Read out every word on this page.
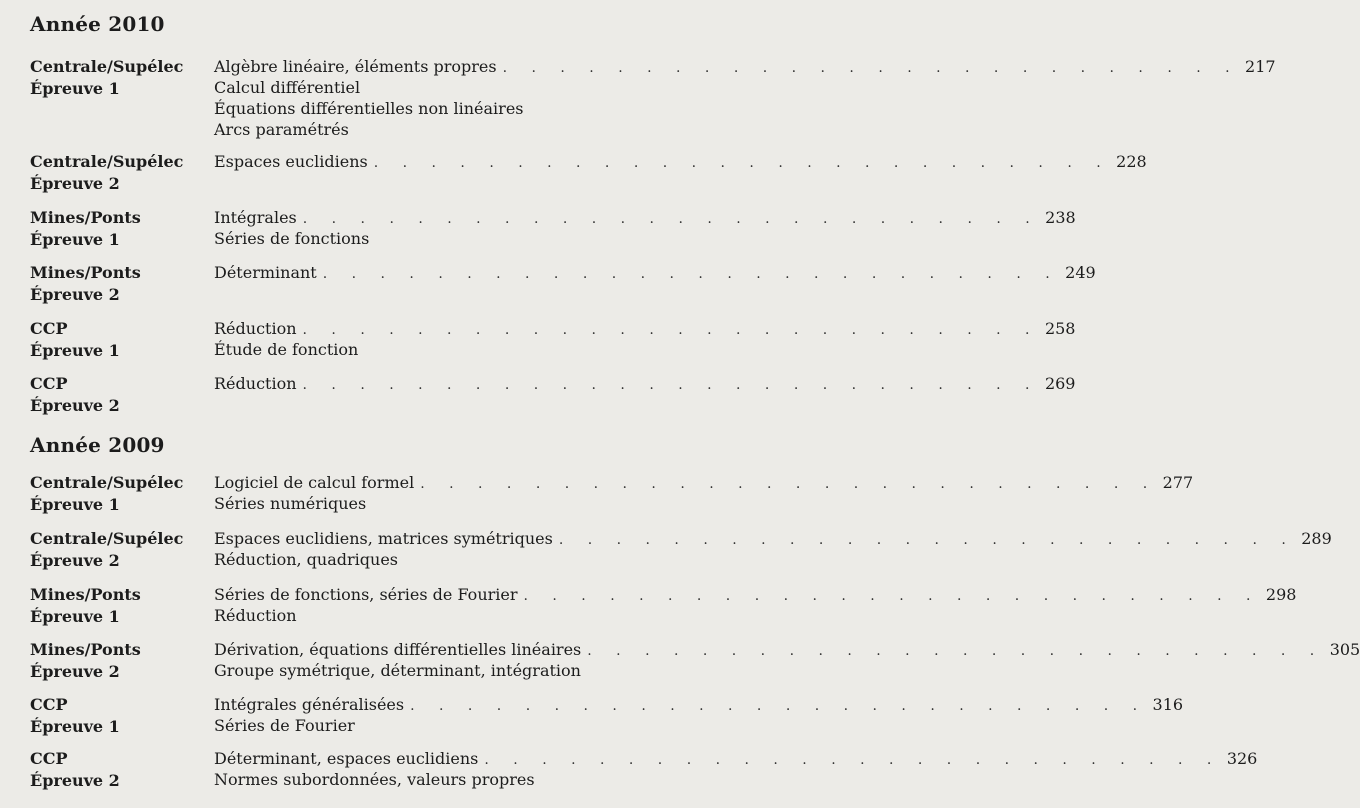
Année 2010
Centrale/Supélec
Épreuve 1
Algèbre linéaire, éléments propres . . . . . . . . . . . . . . . . . . . . . . . . . . 217
Calcul différentiel
Équations différentielles non linéaires
Arcs paramétrés
Centrale/Supélec
Épreuve 2
Espaces euclidiens . . . . . . . . . . . . . . . . . . . . . . . . . . 228
Mines/Ponts
Épreuve 1
Intégrales . . . . . . . . . . . . . . . . . . . . . . . . . . 238
Séries de fonctions
Mines/Ponts
Épreuve 2
Déterminant . . . . . . . . . . . . . . . . . . . . . . . . . . 249
CCP
Épreuve 1
Réduction . . . . . . . . . . . . . . . . . . . . . . . . . . 258
Étude de fonction
CCP
Épreuve 2
Réduction . . . . . . . . . . . . . . . . . . . . . . . . . . 269
Année 2009
Centrale/Supélec
Épreuve 1
Logiciel de calcul formel . . . . . . . . . . . . . . . . . . . . . . . . . . 277
Séries numériques
Centrale/Supélec
Épreuve 2
Espaces euclidiens, matrices symétriques . . . . . . . . . . . . . . . . . . . . . . . . . . 289
Réduction, quadriques
Mines/Ponts
Épreuve 1
Séries de fonctions, séries de Fourier . . . . . . . . . . . . . . . . . . . . . . . . . . 298
Réduction
Mines/Ponts
Épreuve 2
Dérivation, équations différentielles linéaires . . . . . . . . . . . . . . . . . . . . . . . . . . 305
Groupe symétrique, déterminant, intégration
CCP
Épreuve 1
Intégrales généralisées . . . . . . . . . . . . . . . . . . . . . . . . . . 316
Séries de Fourier
CCP
Épreuve 2
Déterminant, espaces euclidiens . . . . . . . . . . . . . . . . . . . . . . . . . . 326
Normes subordonnées, valeurs propres
